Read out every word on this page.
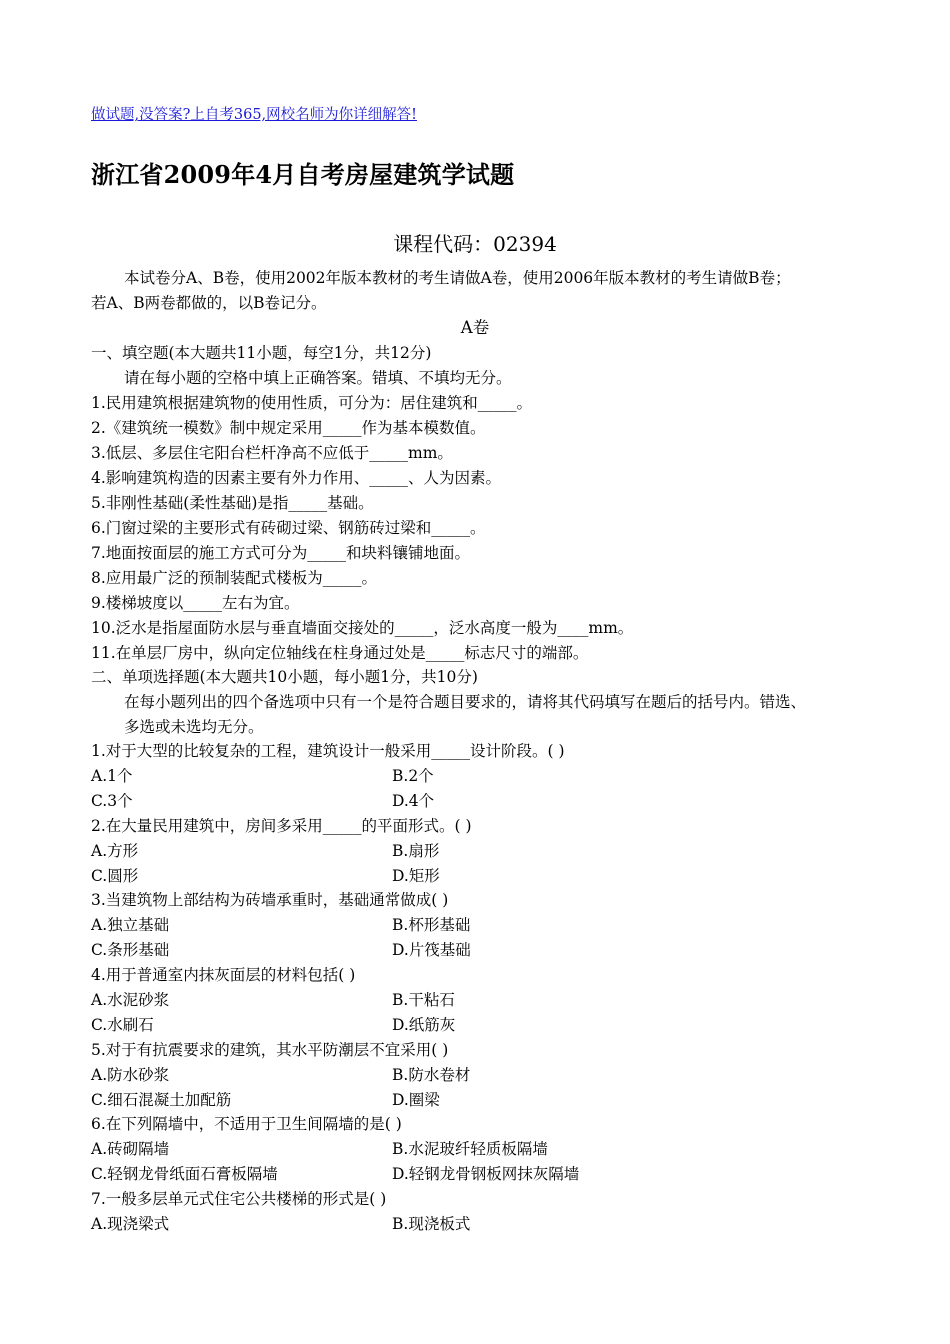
做试题,没答案?上自考365,网校名师为你详细解答!
浙江省2009年4月自考房屋建筑学试题
课程代码：02394
本试卷分A、B卷，使用2002年版本教材的考生请做A卷，使用2006年版本教材的考生请做B卷；
若A、B两卷都做的，以B卷记分。
A卷
一、填空题(本大题共11小题，每空1分，共12分)
请在每小题的空格中填上正确答案。错填、不填均无分。
1.民用建筑根据建筑物的使用性质，可分为：居住建筑和_____。
2.《建筑统一模数》制中规定采用_____作为基本模数值。
3.低层、多层住宅阳台栏杆净高不应低于_____mm。
4.影响建筑构造的因素主要有外力作用、_____、人为因素。
5.非刚性基础(柔性基础)是指_____基础。
6.门窗过梁的主要形式有砖砌过梁、钢筋砖过梁和_____。
7.地面按面层的施工方式可分为_____和块料镶铺地面。
8.应用最广泛的预制装配式楼板为_____。
9.楼梯坡度以_____左右为宜。
10.泛水是指屋面防水层与垂直墙面交接处的_____，泛水高度一般为____mm。
11.在单层厂房中，纵向定位轴线在柱身通过处是_____标志尺寸的端部。
二、单项选择题(本大题共10小题，每小题1分，共10分)
在每小题列出的四个备选项中只有一个是符合题目要求的，请将其代码填写在题后的括号内。错选、
多选或未选均无分。
1.对于大型的比较复杂的工程，建筑设计一般采用_____设计阶段。( )
A.1个	B.2个
C.3个	D.4个
2.在大量民用建筑中，房间多采用_____的平面形式。( )
A.方形	B.扇形
C.圆形	D.矩形
3.当建筑物上部结构为砖墙承重时，基础通常做成( )
A.独立基础	B.杯形基础
C.条形基础	D.片筏基础
4.用于普通室内抹灰面层的材料包括( )
A.水泥砂浆	B.干粘石
C.水刷石	D.纸筋灰
5.对于有抗震要求的建筑，其水平防潮层不宜采用( )
A.防水砂浆	B.防水卷材
C.细石混凝土加配筋	D.圈梁
6.在下列隔墙中，不适用于卫生间隔墙的是( )
A.砖砌隔墙	B.水泥玻纤轻质板隔墙
C.轻钢龙骨纸面石膏板隔墙	D.轻钢龙骨钢板网抹灰隔墙
7.一般多层单元式住宅公共楼梯的形式是( )
A.现浇梁式	B.现浇板式
